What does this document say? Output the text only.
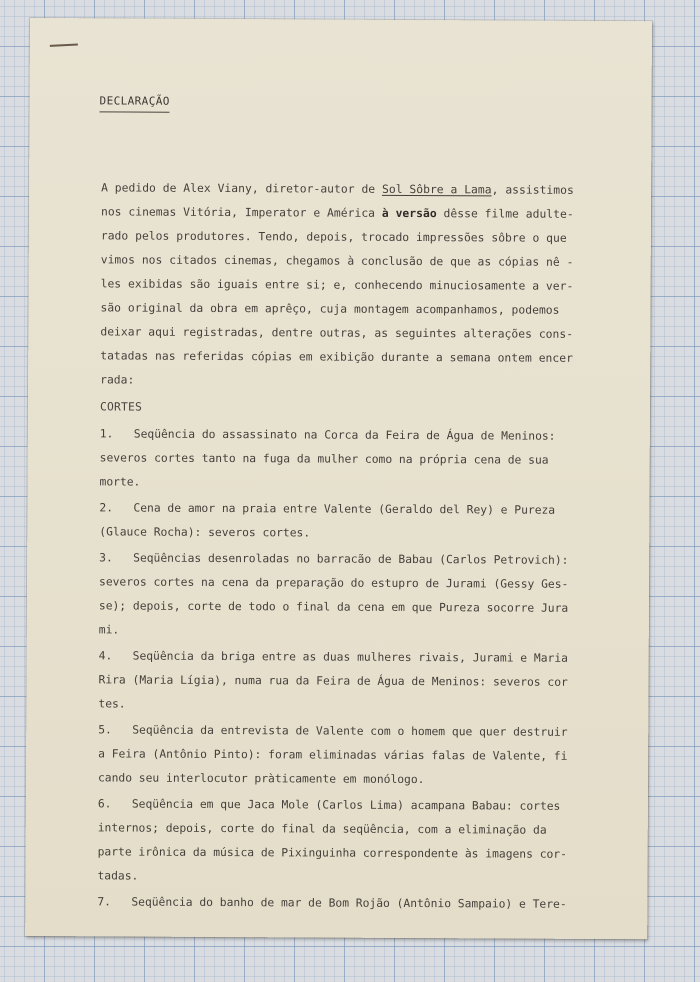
DECLARAÇÃO
A pedido de Alex Viany, diretor-autor de Sol Sôbre a Lama, assistimos
nos cinemas Vitória, Imperator e América à versão dêsse filme adulte-
rado pelos produtores. Tendo, depois, trocado impressões sôbre o que
vimos nos citados cinemas, chegamos à conclusão de que as cópias nê -
les exibidas são iguais entre si; e, conhecendo minuciosamente a ver-
são original da obra em aprêço, cuja montagem acompanhamos, podemos
deixar aqui registradas, dentre outras, as seguintes alterações cons-
tatadas nas referidas cópias em exibição durante a semana ontem encer
rada:
CORTES
1. Seqüência do assassinato na Corca da Feira de Água de Meninos:
severos cortes tanto na fuga da mulher como na própria cena de sua
morte.
2. Cena de amor na praia entre Valente (Geraldo del Rey) e Pureza
(Glauce Rocha): severos cortes.
3. Seqüências desenroladas no barracão de Babau (Carlos Petrovich):
severos cortes na cena da preparação do estupro de Jurami (Gessy Ges-
se); depois, corte de todo o final da cena em que Pureza socorre Jura
mi.
4. Seqüência da briga entre as duas mulheres rivais, Jurami e Maria
Rira (Maria Lígia), numa rua da Feira de Água de Meninos: severos cor
tes.
5. Seqüência da entrevista de Valente com o homem que quer destruir
a Feira (Antônio Pinto): foram eliminadas várias falas de Valente, fi
cando seu interlocutor pràticamente em monólogo.
6. Seqüência em que Jaca Mole (Carlos Lima) acampana Babau: cortes
internos; depois, corte do final da seqüência, com a eliminação da
parte irônica da música de Pixinguinha correspondente às imagens cor-
tadas.
7. Seqüência do banho de mar de Bom Rojão (Antônio Sampaio) e Tere-
